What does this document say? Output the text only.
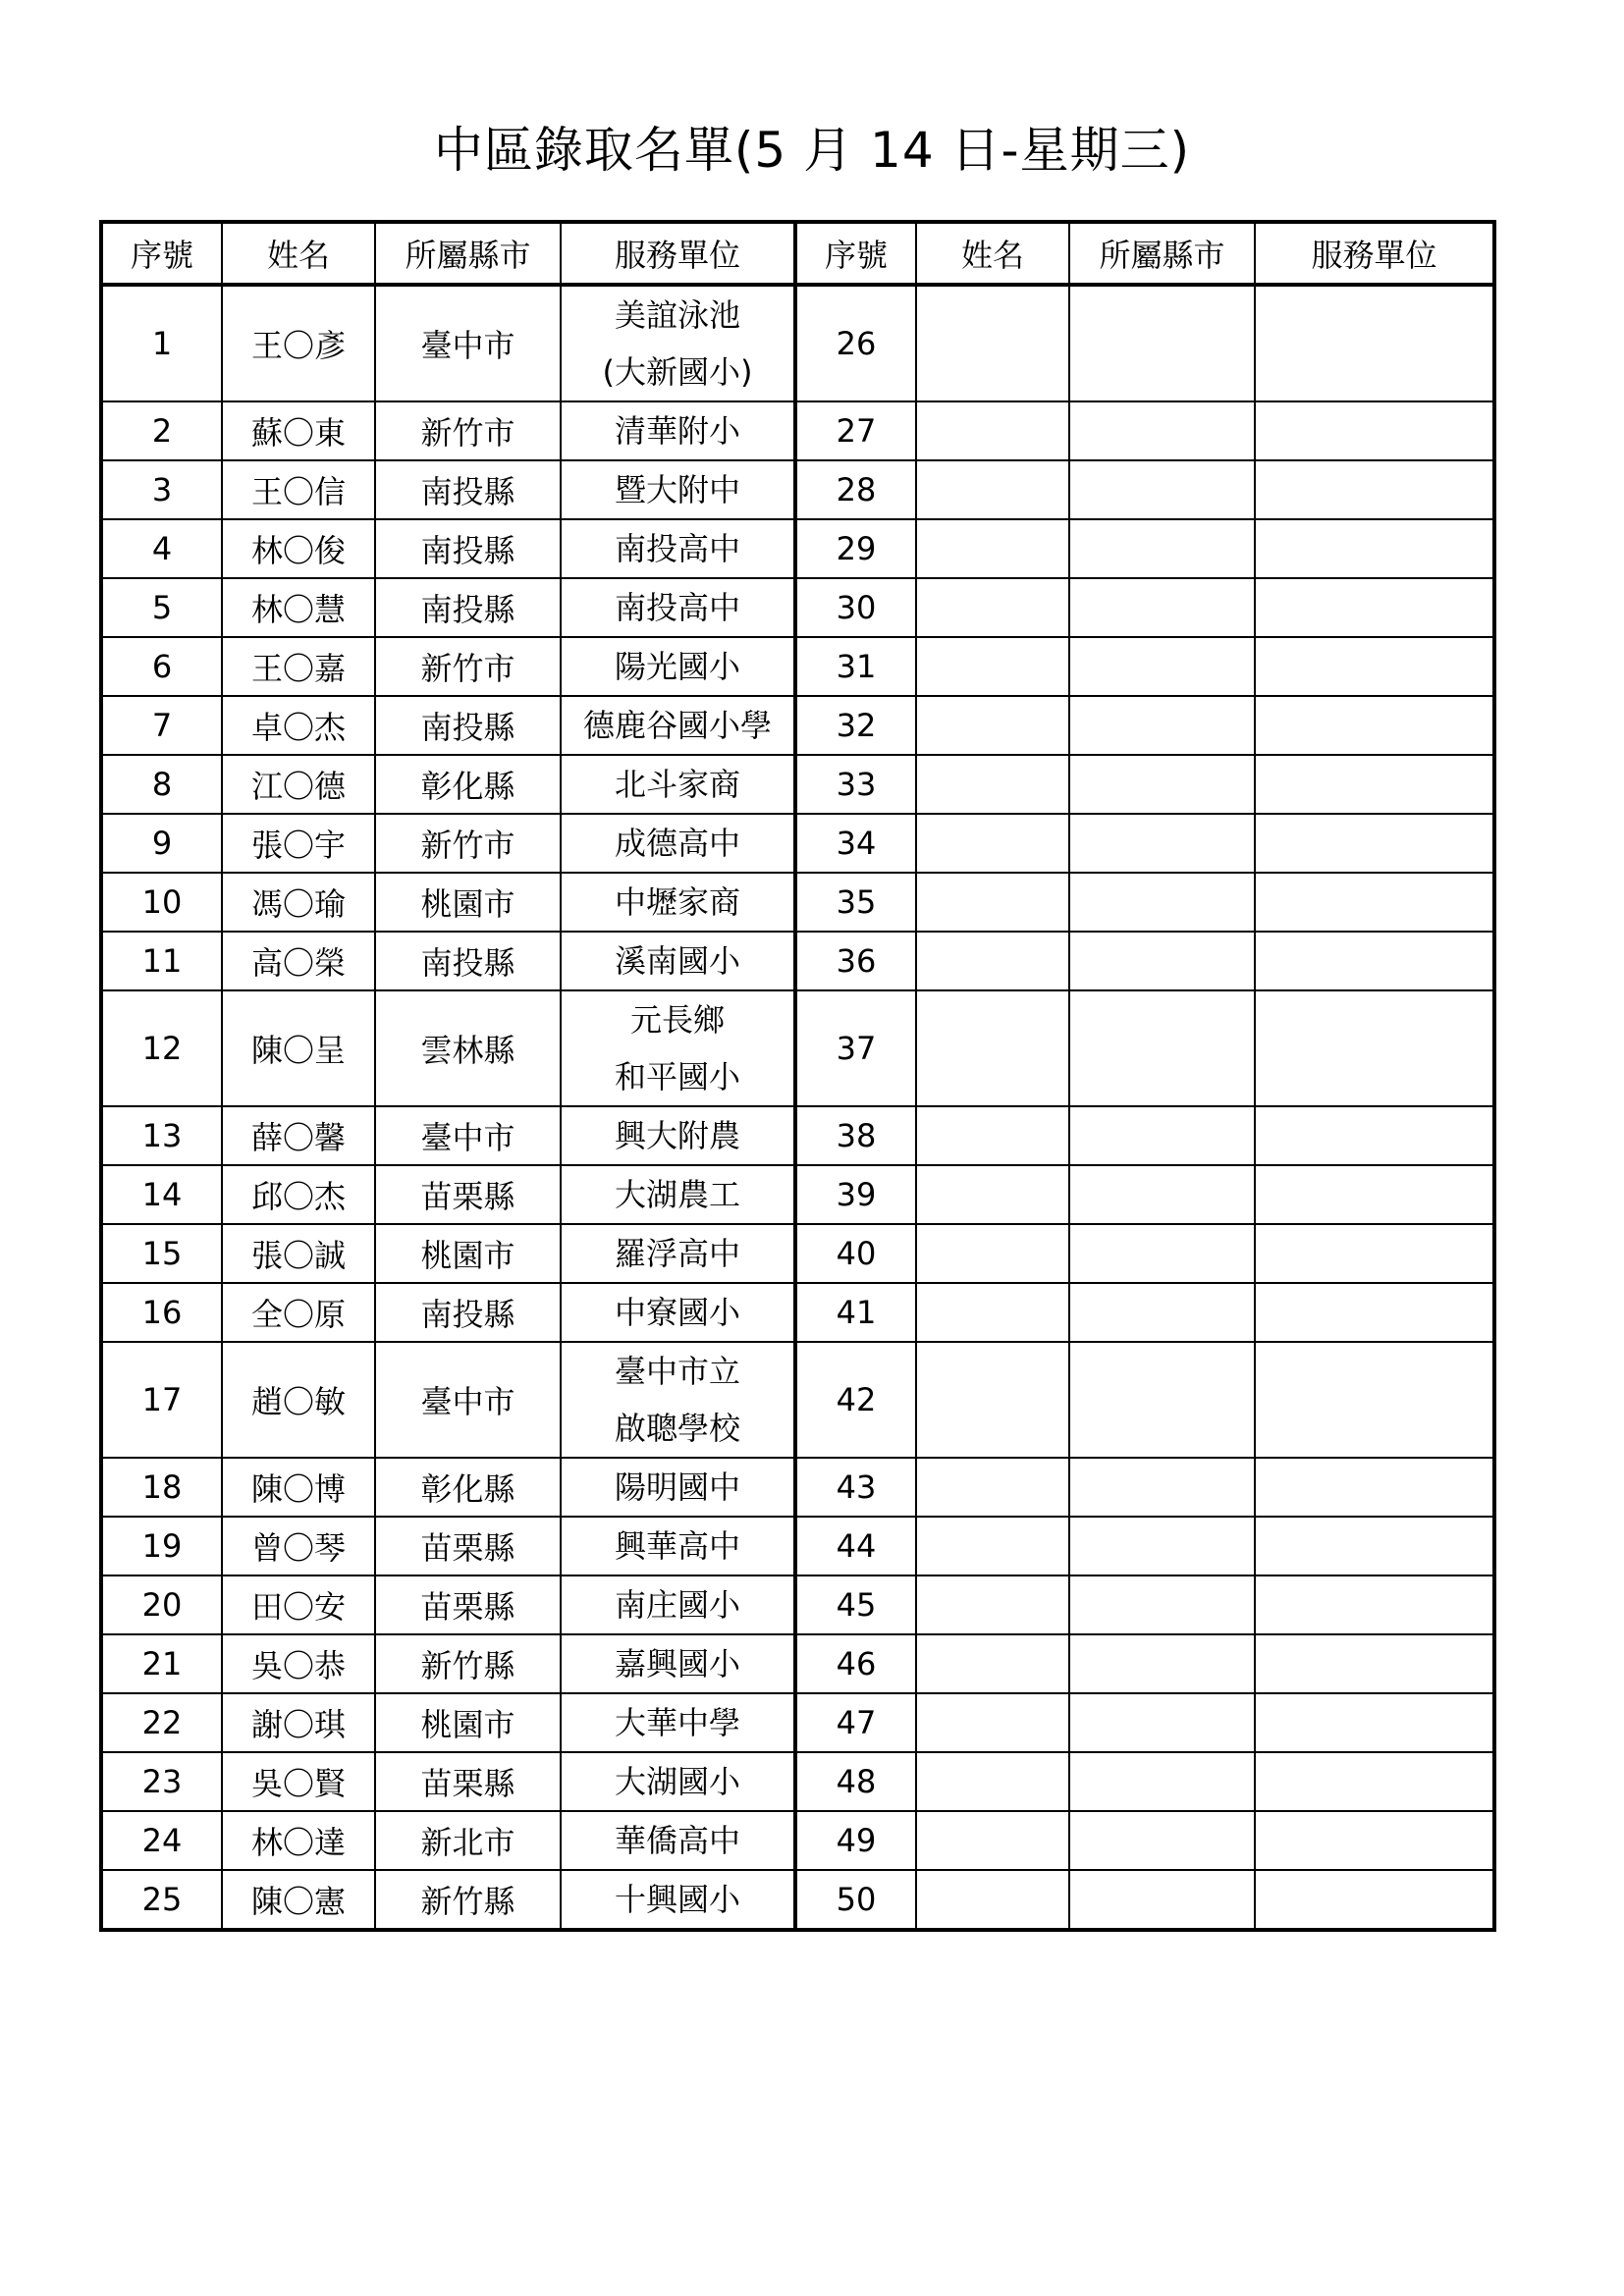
中區錄取名單(5 月 14 日-星期三)
序號	姓名	所屬縣市	服務單位	序號	姓名	所屬縣市	服務單位
1	王〇彥	臺中市	美誼泳池
(大新國小)	26			
2	蘇〇東	新竹市	清華附小	27			
3	王〇信	南投縣	暨大附中	28			
4	林〇俊	南投縣	南投高中	29			
5	林〇慧	南投縣	南投高中	30			
6	王〇嘉	新竹市	陽光國小	31			
7	卓〇杰	南投縣	德鹿谷國小學	32			
8	江〇德	彰化縣	北斗家商	33			
9	張〇宇	新竹市	成德高中	34			
10	馮〇瑜	桃園市	中壢家商	35			
11	高〇榮	南投縣	溪南國小	36			
12	陳〇呈	雲林縣	元長鄉
和平國小	37			
13	薛〇馨	臺中市	興大附農	38			
14	邱〇杰	苗栗縣	大湖農工	39			
15	張〇誠	桃園市	羅浮高中	40			
16	全〇原	南投縣	中寮國小	41			
17	趙〇敏	臺中市	臺中市立
啟聰學校	42			
18	陳〇博	彰化縣	陽明國中	43			
19	曾〇琴	苗栗縣	興華高中	44			
20	田〇安	苗栗縣	南庄國小	45			
21	吳〇恭	新竹縣	嘉興國小	46			
22	謝〇琪	桃園市	大華中學	47			
23	吳〇賢	苗栗縣	大湖國小	48			
24	林〇達	新北市	華僑高中	49			
25	陳〇憲	新竹縣	十興國小	50			
